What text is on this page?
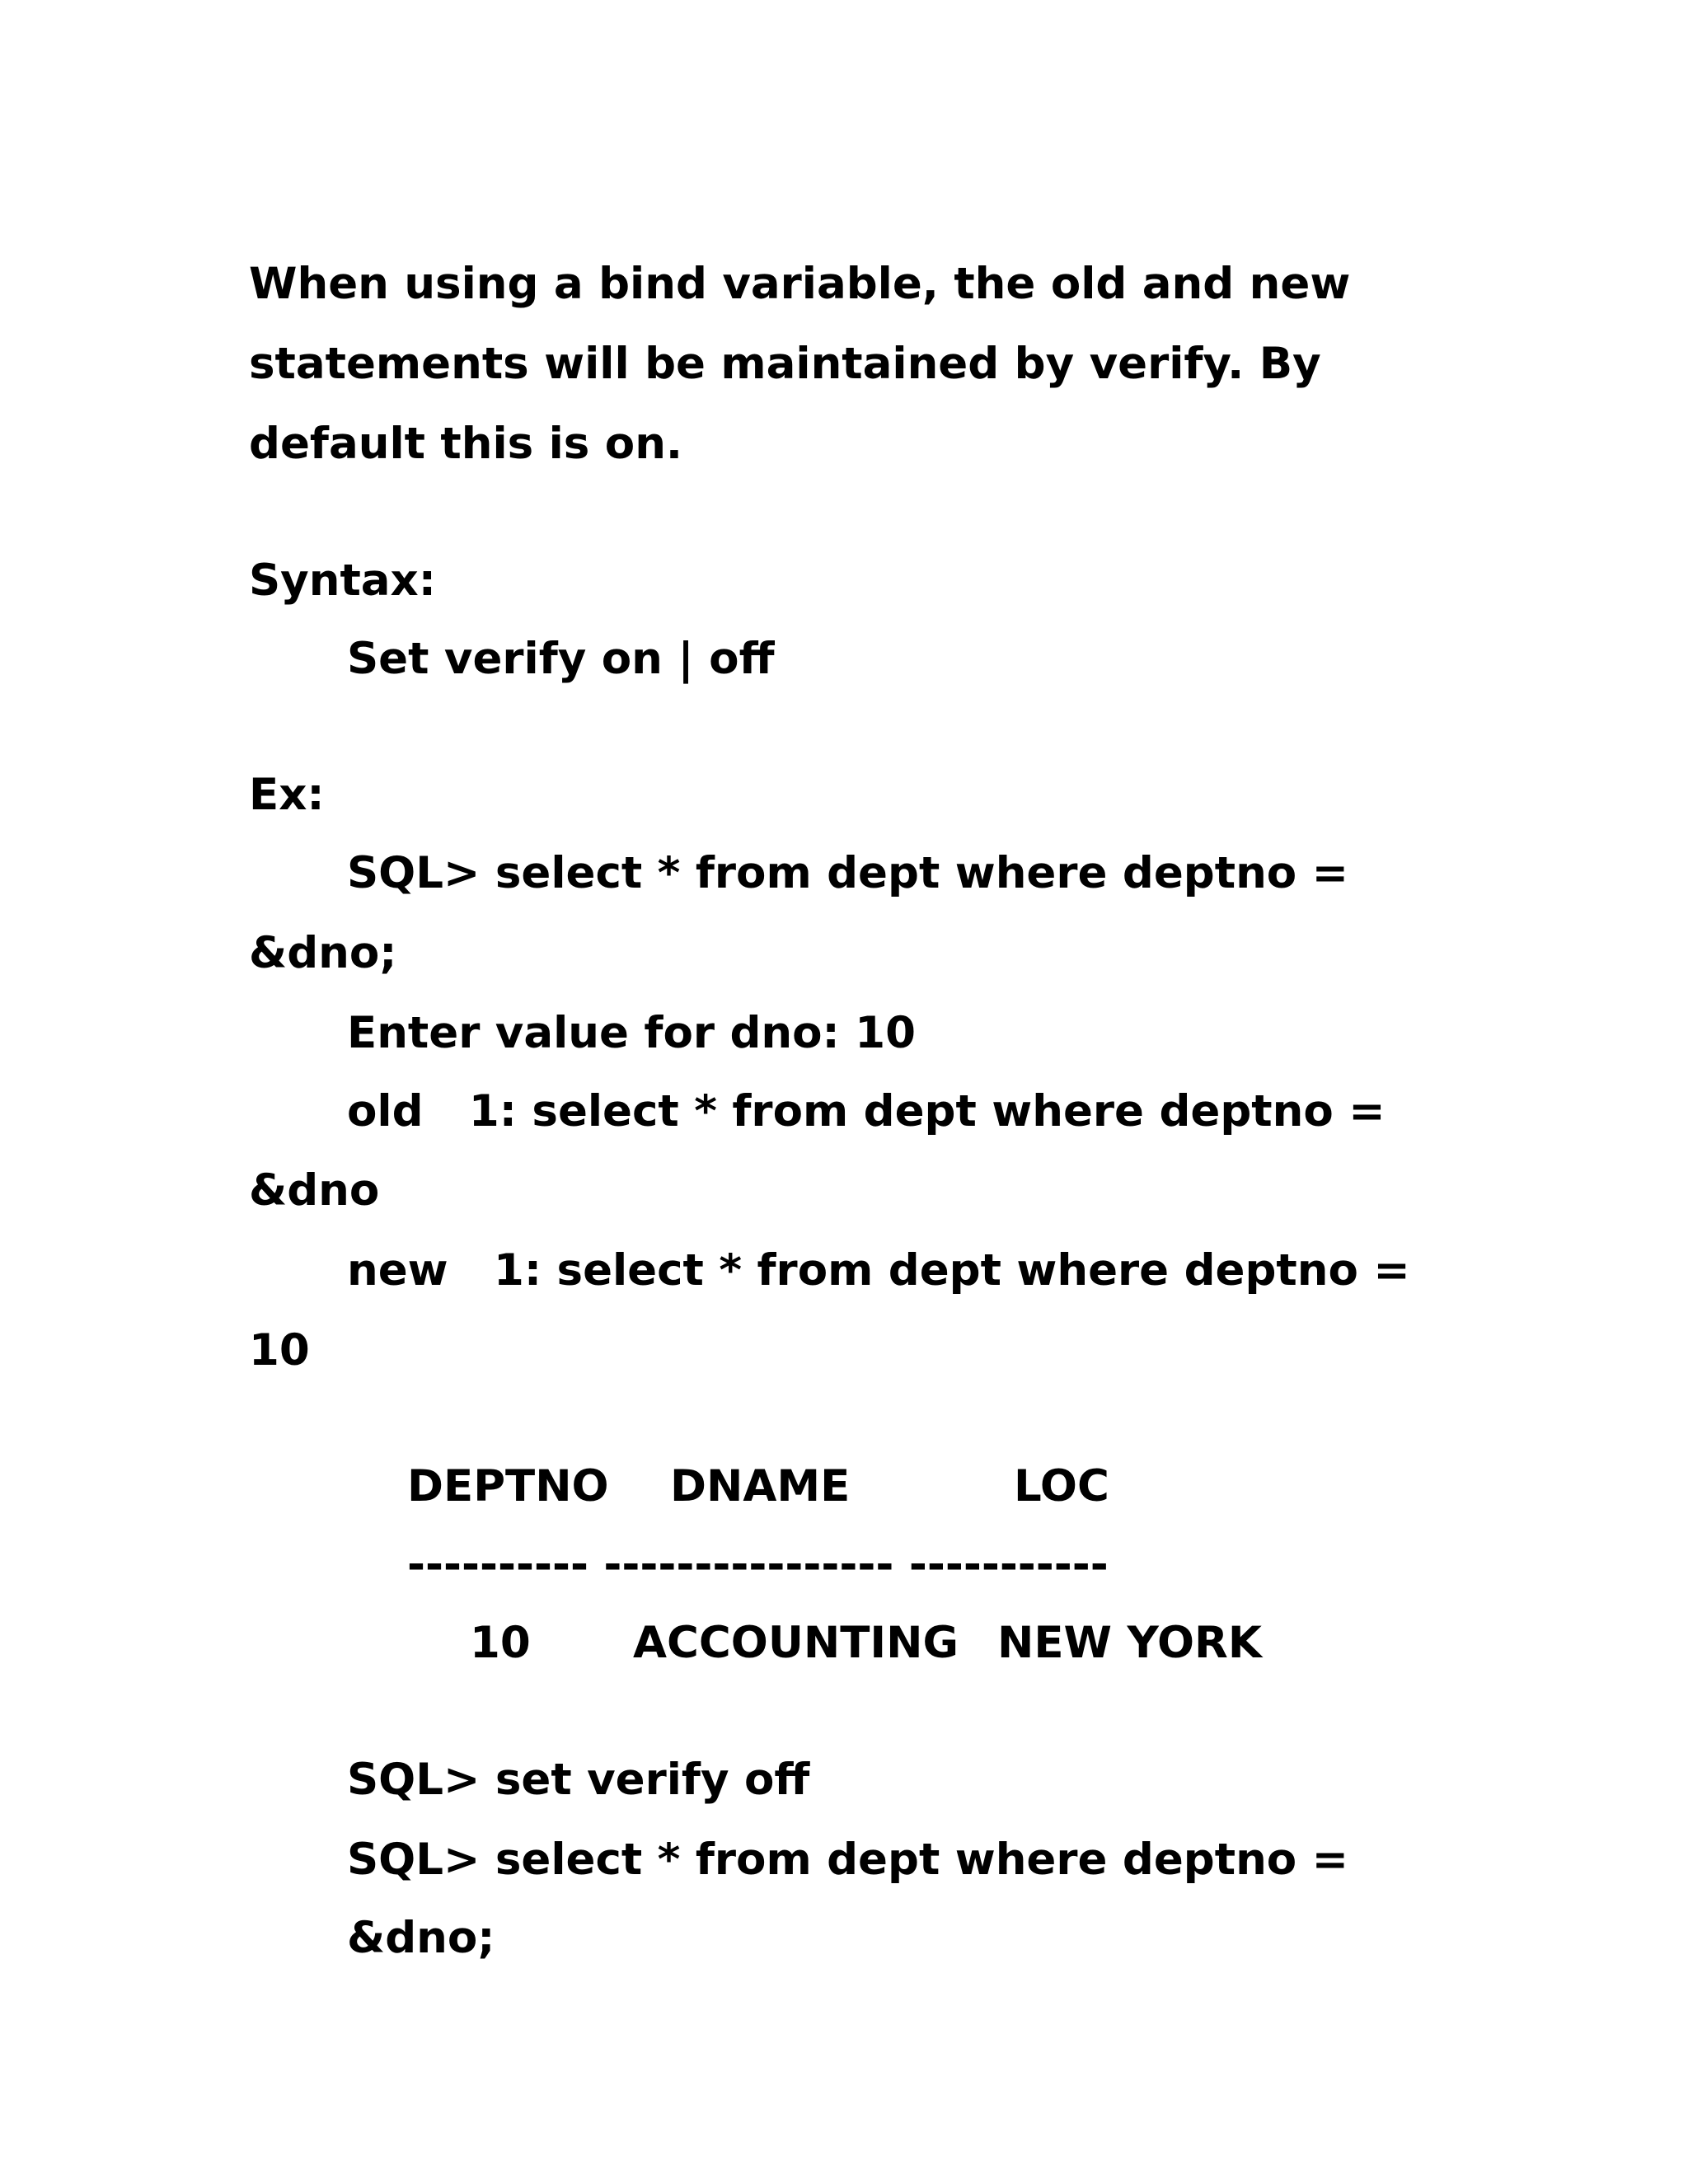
When using a bind variable, the old and new
statements will be maintained by verify. By
default this is on.
Syntax:
Set verify on | off
Ex:
SQL> select * from dept where deptno =
&dno;
Enter value for dno: 10
old   1: select * from dept where deptno =
&dno
new   1: select * from dept where deptno =
10
DEPTNO DNAME	LOC
---------- ---------------- -----------
10 ACCOUNTING NEW YORK
SQL> set verify off
SQL> select * from dept where deptno =
&dno;
